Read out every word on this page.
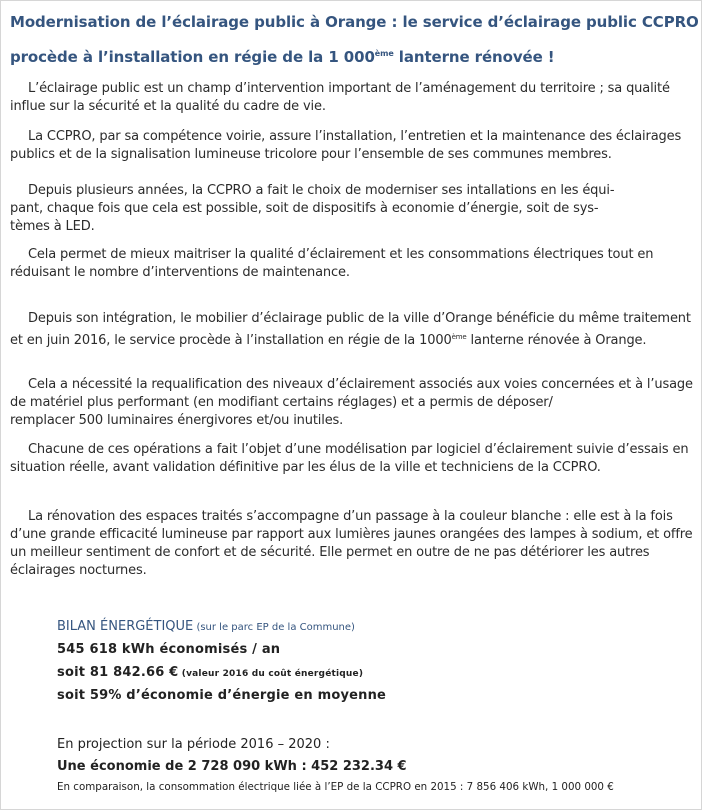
Modernisation de l’éclairage public à Orange : le service d’éclairage public CCPRO procède à l’installation en régie de la 1 000ème lanterne rénovée !

L’éclairage public est un champ d’intervention important de l’aménagement du territoire ; sa qualité influe sur la sécurité et la qualité du cadre de vie.

La CCPRO, par sa compétence voirie, assure l’installation, l’entretien et la maintenance des éclairages publics et de la signalisation lumineuse tricolore pour l’ensemble de ses communes membres.

Depuis plusieurs années, la CCPRO a fait le choix de moderniser ses intallations en les équi-
pant, chaque fois que cela est possible, soit de dispositifs à economie d’énergie, soit de sys-
tèmes à LED.

Cela permet de mieux maitriser la qualité d’éclairement et les consommations électriques tout en réduisant le nombre d’interventions de maintenance.

Depuis son intégration, le mobilier d’éclairage public de la ville d’Orange bénéficie du même traitement et en juin 2016, le service procède à l’installation en régie de la 1000ème lanterne rénovée à Orange.

Cela a nécessité la requalification des niveaux d’éclairement associés aux voies concernées et à l’usage de matériel plus performant (en modifiant certains réglages) et a permis de déposer/
remplacer 500 luminaires énergivores et/ou inutiles.

Chacune de ces opérations a fait l’objet d’une modélisation par logiciel d’éclairement suivie d’essais en situation réelle, avant validation définitive par les élus de la ville et techniciens de la CCPRO.

La rénovation des espaces traités s’accompagne d’un passage à la couleur blanche : elle est à la fois d’une grande efficacité lumineuse par rapport aux lumières jaunes orangées des lampes à sodium, et offre un meilleur sentiment de confort et de sécurité. Elle permet en outre de ne pas détériorer les autres éclairages nocturnes.

BILAN ÉNERGÉTIQUE (sur le parc EP de la Commune)

545 618 kWh économisés / an

soit 81 842.66 € (valeur 2016 du coût énergétique)

soit 59% d’économie d’énergie en moyenne

En projection sur la période 2016 – 2020 :

Une économie de 2 728 090 kWh : 452 232.34 €

En comparaison, la consommation électrique liée à l’EP de la CCPRO en 2015 : 7 856 406 kWh, 1 000 000 €
